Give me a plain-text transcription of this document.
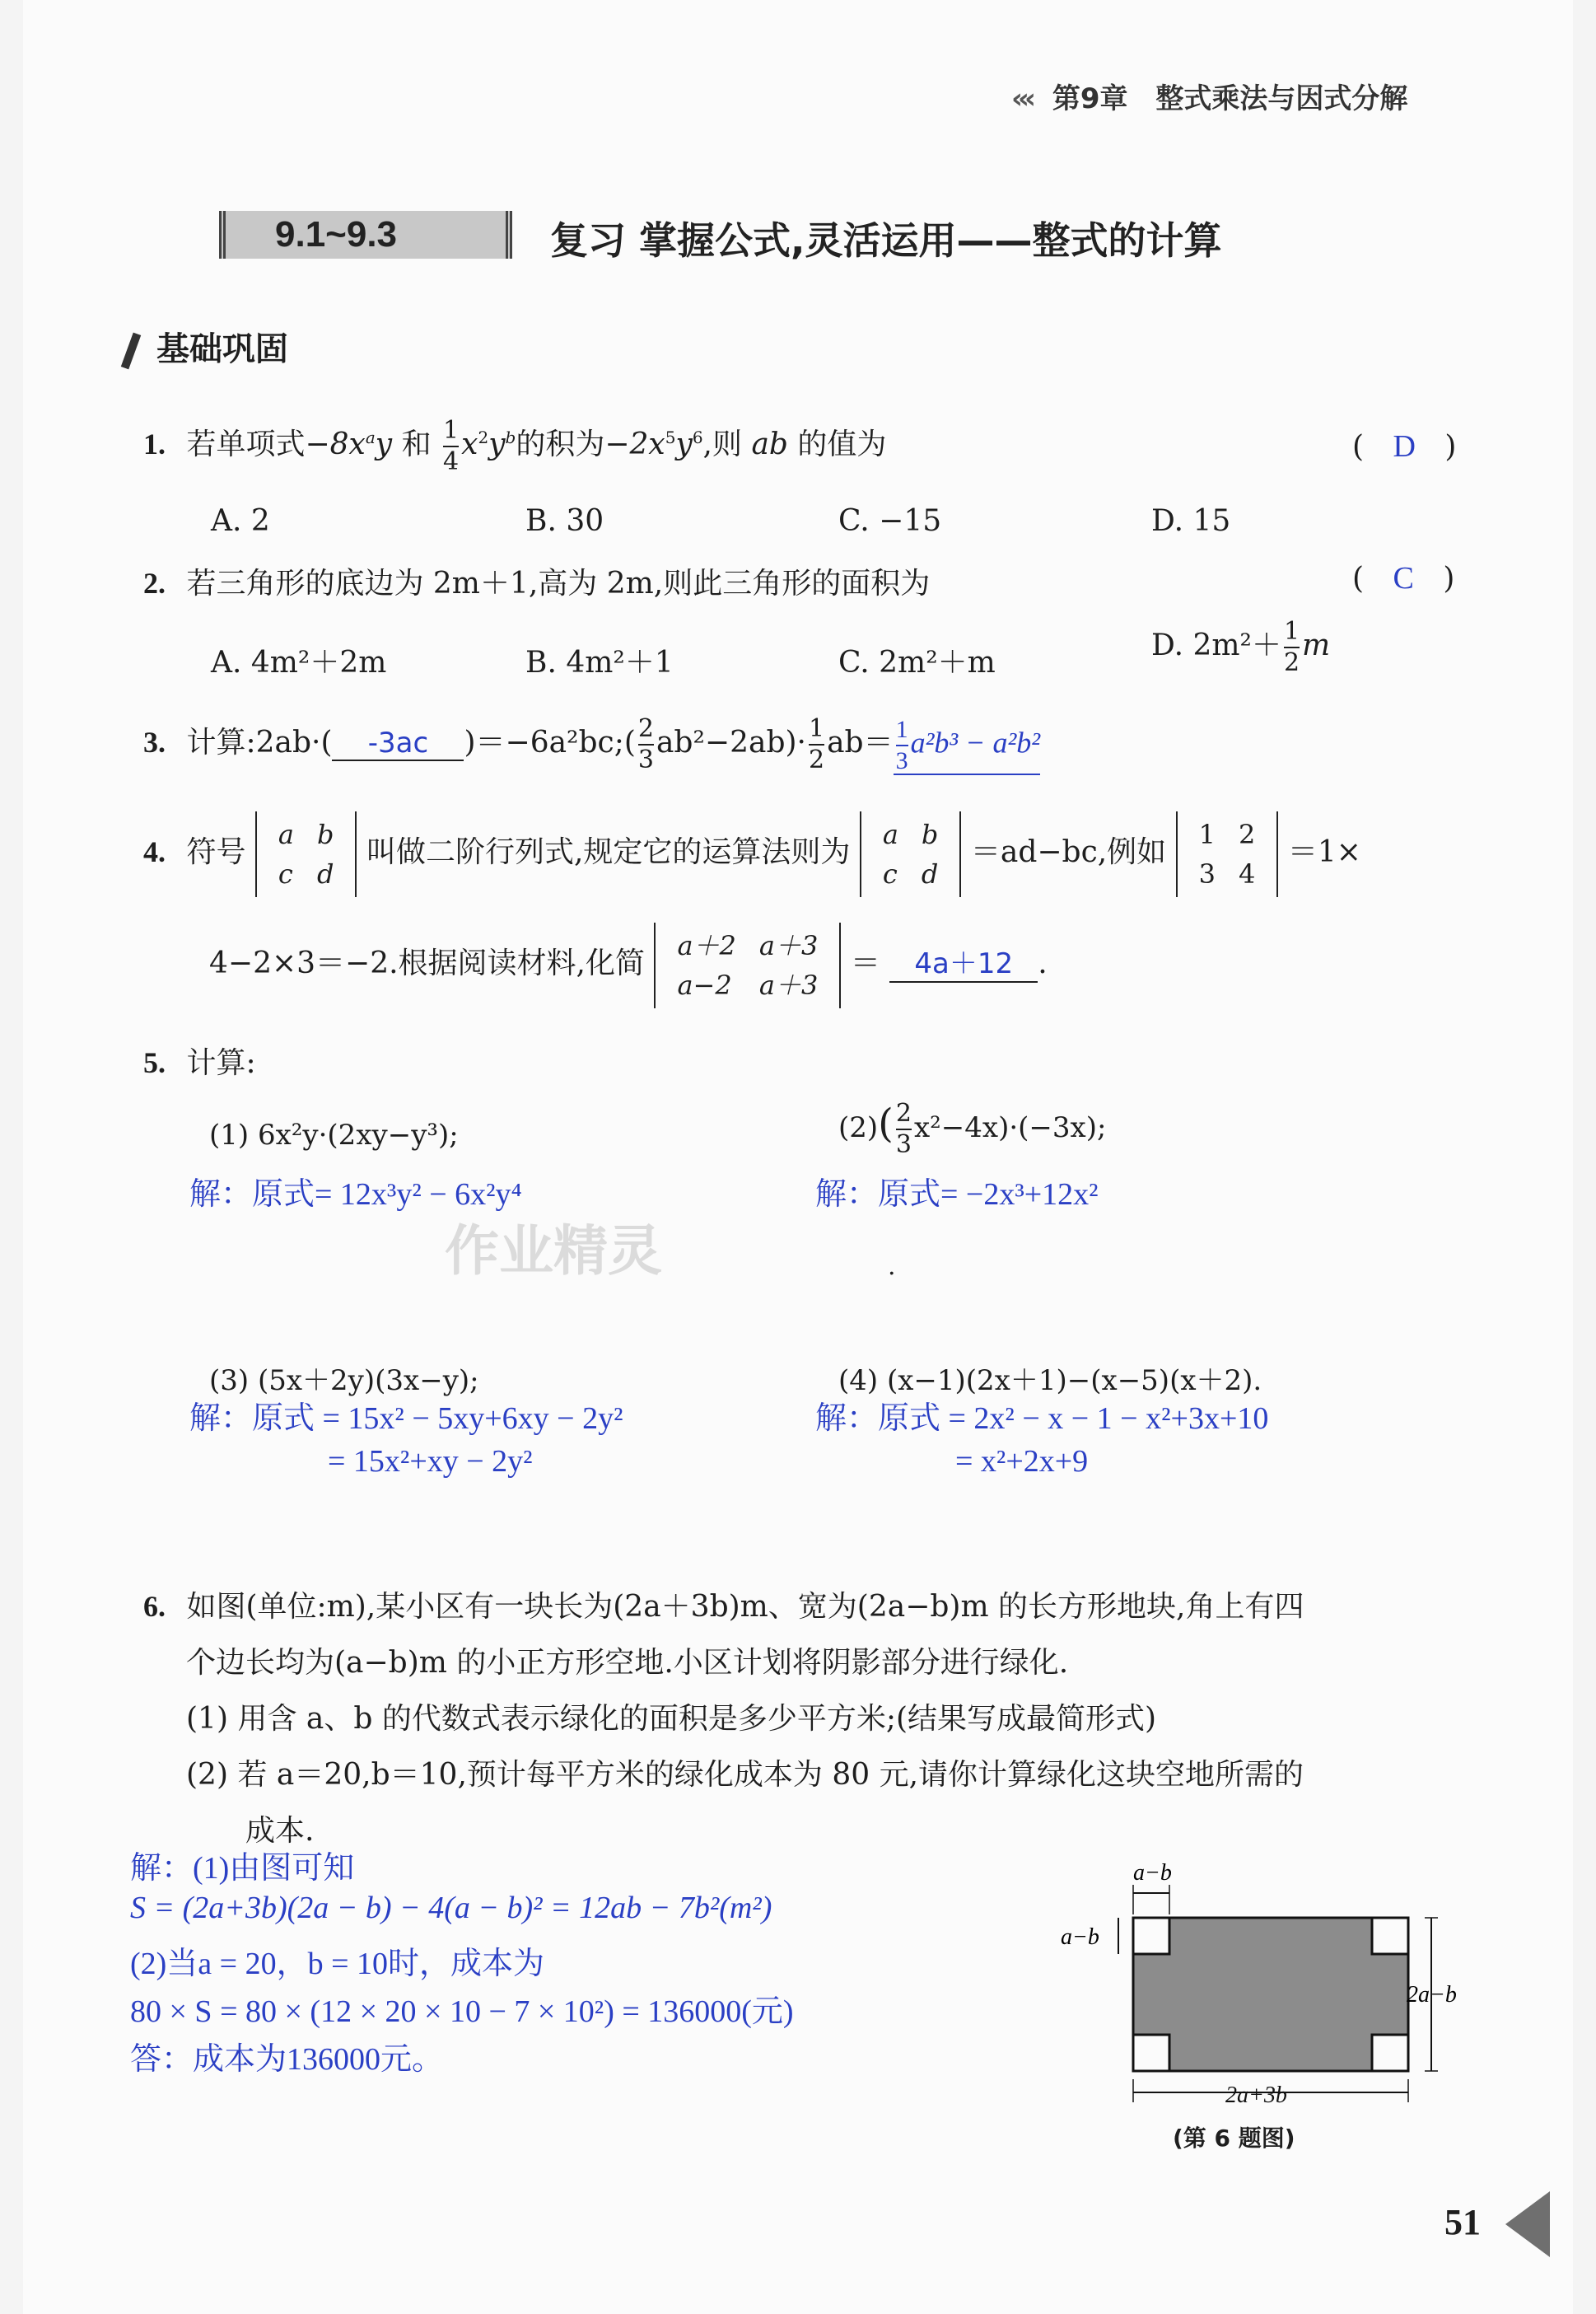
‹‹‹ 第9章 整式乘法与因式分解
9.1~9.3	复习 掌握公式,灵活运用——整式的计算
作业精灵
基础巩固
1. 若单项式$-8x^ay$ 和 $\frac{1}{4} x^2y^b$的积为$-2x^5y^6$,则 ab 的值为	( D )
A. 2	B. 30	C. −15	D. 15
2. 若三角形的底边为 2m＋1,高为 2m,则此三角形的面积为	( C )
A. 4m²＋2m	B. 4m²＋1	C. 2m²＋m
D. $2m^2+ \frac{1}{2}$ m
3. 计算:2ab·( -3ac )＝−6a²bc;( $\frac{2}{3} ab^2-2ab)\cdot \frac{1}{2} ab= \frac{1}{3} a^2b^3 - a^2b^2$
4. 符号
a	b
c	d
叫做二阶行列式,规定它的运算法则为
a	b
c	d
＝ad−bc,例如
1	2
3	4
＝1×
4−2×3＝−2.根据阅读材料,化简
a＋2	a＋3
a−2	a＋3
＝ 4a＋12 .
5. 计算:
(1) 6x²y·(2xy−y³);
解：原式= 12x³y² − 6x²y⁴
$(2)( \frac{2}{3} x^2-4x)\cdot(-3x)$;
解：原式= −2x³+12x²
.
(3) (5x＋2y)(3x−y);
解：原式 = 15x² − 5xy+6xy − 2y²
= 15x²+xy − 2y²
(4) (x−1)(2x＋1)−(x−5)(x＋2).
解：原式 = 2x² − x − 1 − x²+3x+10
= x²+2x+9
6. 如图(单位:m),某小区有一块长为(2a＋3b)m、宽为(2a−b)m 的长方形地块,角上有四
个边长均为(a−b)m 的小正方形空地.小区计划将阴影部分进行绿化.
(1) 用含 a、b 的代数式表示绿化的面积是多少平方米;(结果写成最简形式)
(2) 若 a＝20,b＝10,预计每平方米的绿化成本为 80 元,请你计算绿化这块空地所需的
成本.
解：(1)由图可知
S = (2a+3b)(2a − b) − 4(a − b)² = 12ab − 7b²(m²)
(2)当a = 20，b = 10时，成本为
80 × S = 80 × (12 × 20 × 10 − 7 × 10²) = 136000(元)
答：成本为136000元。
a−b
a−b
2a−b
2a+3b
(第 6 题图)
51
